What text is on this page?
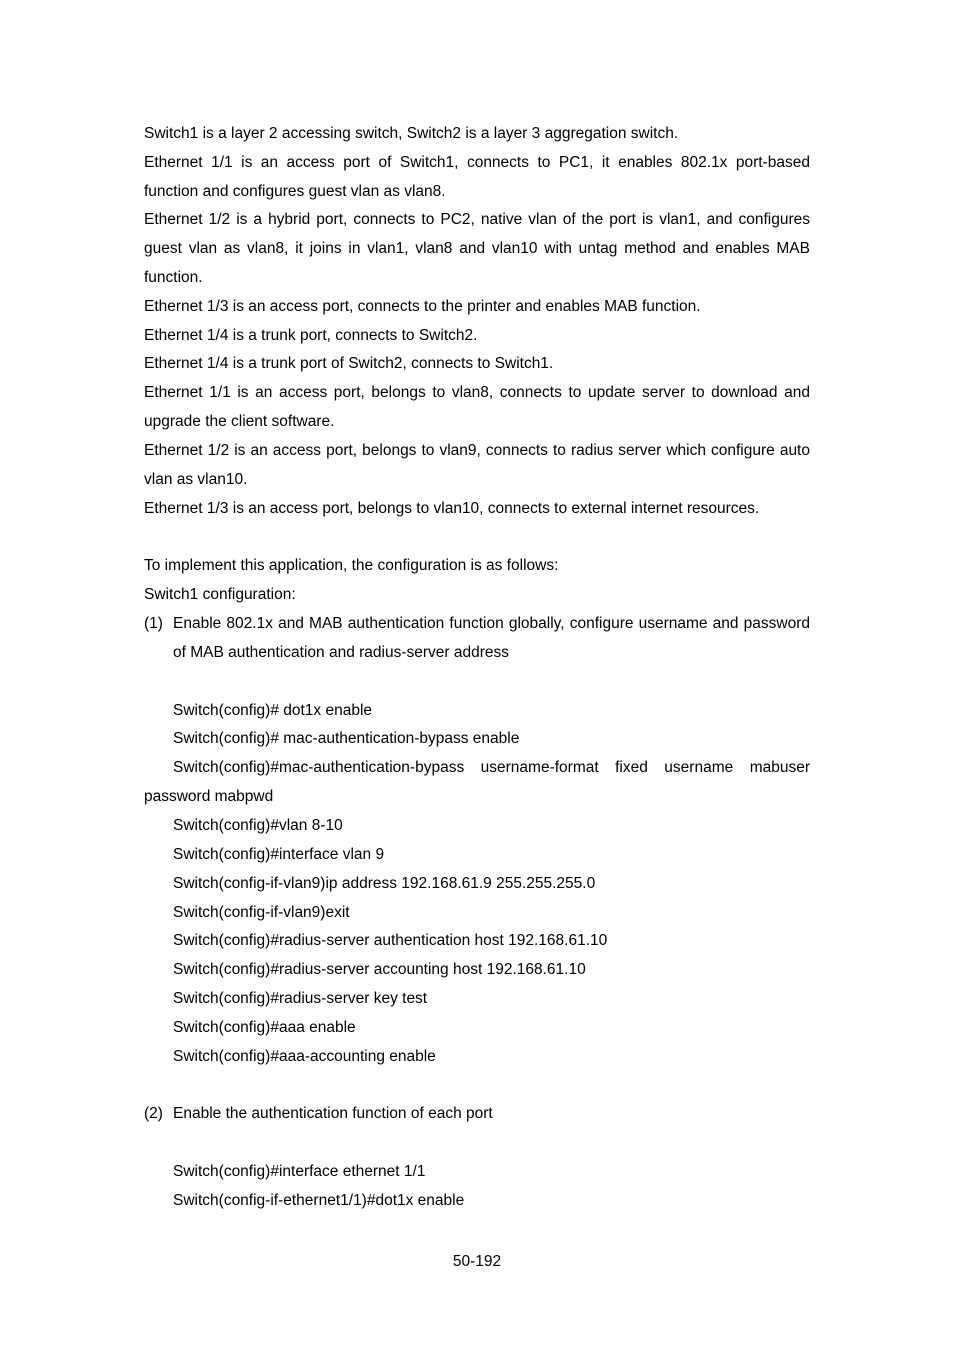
Switch1 is a layer 2 accessing switch, Switch2 is a layer 3 aggregation switch.

Ethernet 1/1 is an access port of Switch1, connects to PC1, it enables 802.1x port-based function and configures guest vlan as vlan8.

Ethernet 1/2 is a hybrid port, connects to PC2, native vlan of the port is vlan1, and configures guest vlan as vlan8, it joins in vlan1, vlan8 and vlan10 with untag method and enables MAB function.

Ethernet 1/3 is an access port, connects to the printer and enables MAB function.

Ethernet 1/4 is a trunk port, connects to Switch2.

Ethernet 1/4 is a trunk port of Switch2, connects to Switch1.

Ethernet 1/1 is an access port, belongs to vlan8, connects to update server to download and upgrade the client software.

Ethernet 1/2 is an access port, belongs to vlan9, connects to radius server which configure auto vlan as vlan10.

Ethernet 1/3 is an access port, belongs to vlan10, connects to external internet resources.

To implement this application, the configuration is as follows:

Switch1 configuration:

(1) Enable 802.1x and MAB authentication function globally, configure username and password of MAB authentication and radius-server address

Switch(config)# dot1x enable

Switch(config)# mac-authentication-bypass enable

Switch(config)#mac-authentication-bypass username-format fixed username mabuser password mabpwd

Switch(config)#vlan 8-10

Switch(config)#interface vlan 9

Switch(config-if-vlan9)ip address 192.168.61.9 255.255.255.0

Switch(config-if-vlan9)exit

Switch(config)#radius-server authentication host 192.168.61.10

Switch(config)#radius-server accounting host 192.168.61.10

Switch(config)#radius-server key test

Switch(config)#aaa enable

Switch(config)#aaa-accounting enable

(2) Enable the authentication function of each port

Switch(config)#interface ethernet 1/1

Switch(config-if-ethernet1/1)#dot1x enable

50-192
